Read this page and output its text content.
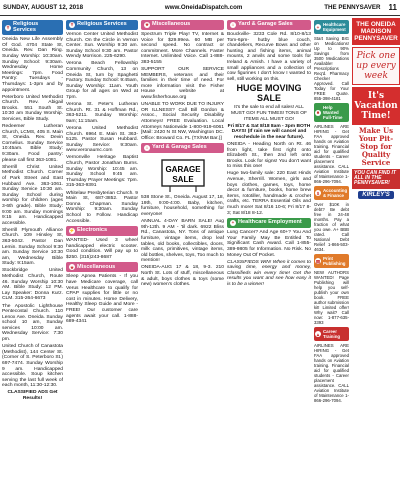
SUNDAY, AUGUST 12, 2018	www.OneidaDispatch.com	THE PENNYSAVER 11
✝
Religious Services

Oneida New Life Assembly Of God. 4704 State St, Oneida. Rev. Dan Ring. Sunday Worship: 10:30am. Sunday School: 9:30am. Wednesday Home Meetings: 7pm. Food Pantry: Tuesdays - Thursdays: 1-3pm and by appointment.

Peterboro United Methodist Church. Rev. Abigail Brooks. 551 South St. 10:30 am Sunday Worship. Services, Bible Study.

Redeemer Lutheran Church, LCMS, 405 S. Main St, Oneida. Rev. Devin Cornelius. Sunday Service 10:45am. Bible Study: 9:30am. Food pantry: please call first 363-1081.

Sherrill Christ United Methodist Church. Corner of Park Street and East Hubbard Ave. 363-1061. Sunday Service 10:30 am. Sunday School during worship for children (ages 3-6th grade). Bible Study: 9:00 am. Sunday mornings 9:15 am. Handicapped accessible.

Sherrill Plymouth Alliance Church. 109 Hinsley St, 363-5042. Pastor Dan Lemin. Sunday School 9:30 am. Sunday Service 10:30 am, Wednesday Bible Study: 9:15am.

Stockbridge United Methodist Church, Route 46. Sunday Worship 10:30 AM. Bible Study: 12 PM. Lay Speaker: Donna Kurz. CLM. 315-264-6673

The Apostolic Lighthouse Pentecostal Church. 110 Lenox Ave. Oneida. Sunday school 10 am, Sunday services 10:00 am. Wednesday Service: 7:30 pm.

United Church of Canastota (Methodist), 144 Center St. (Corner of S. Peterboro St.) 697-7474. Sunday Worship 9 am. Handicapped accessible. Soup kitchen serving the last full week of each month, 11:30-12:30.

CLASSIFIED ADS Get Results!

✝ Religious Services

Vernon Center United Methodist Church. On the Circle in Vernon Center. Sun. Worship 9:30 am. Sunday School 9:30 am. Pastor Wendy Morrison. 225-6290.

Verona Beach Fellowship Community Church, 13 on Oneida St, turn by Spaghetti Factory. Sunday School: 9:45am, Sunday Worship: 11am. Youth Group for all ages on Wed at 7pm.

Verona St. Peter's Lutheran Church. Rt. 31 & Hoffman Rd., 363-5211. Sunday Worship: 9am; 11:15am.

Verona United Methodist Church. 6964 E. Main St. 363-5125. Pastor Susan Hubbard. Sunday Service: 9:30am. www.veronaumc.com

Vernonville Heritage Baptist Church, Pastor Jonathan Burns. Sunday Worship: 10:45 am. Sunday School 9:45 am. Thursday Prayer Meetings: 7pm. 315-363-9391

Whitelaw Presbyterian Church. 9 Main St, 687-3852. Pastor Donna Chapman. Sunday Worship: 9:30am. Sunday School to Follow. Handicap Accessible.

⚡ Electronics

WANTED- Used 3 wheel handicapped electric scooter. Good condition. Will pay up to $250. (315)243-8687

★ Miscellaneous

Sleep Apnea Patients - If you have Medicare coverage, call Verus Healthcare to qualify for CPAP supplies for little or no cost in minutes. Home Delivery, Healthy Sleep Guide and More - FREE! Our customer care agents await your call. 1-888-689-4341

★ Miscellaneous

Spectrum Triple Play! TV, Internet & Voice for $29.99ea. 60 MB per second speed. No contract or commitment. More Channels. Faster Internet. Unlimited Voice. Call 1-888-383-5155

SUPPORT OUR SERVICE MEMBERS, veterans and their families in their time of need. For more information visit the Fisher House website at www.fisherhouse.org

UNABLE TO WORK DUE TO INJURY OR ILLNESS? Call Bill Gordon & Assoc., Social Security Disability Attorneys! FREE Evaluation. Local Attorneys Nationwide 1-800-919-6061 [Mail: 2420 N St NW, Washington DC. Office: Broward Co. FL (TX/NM Bar.)]

⌂ Yard & Garage Sales
GARAGE
SALE

538 Stone St., Oneida. August 17, 18, 19th, 9:00-4:00. Baby, kitchen, furniture, household, something for everyone!

ANNUAL 4-DAY BARN SALE! Aug 9th-12th. 9 AM - 'til dark. 6922 Bliss Rd., Canastota, NY. Tons of antique furniture, vintage items, drop leaf tables, old books, collectibles, doors, milk cans, primitives, vintage items, old bottles, shelves, toys, Too much to mention!

ONEIDA-AUG 17 & 18, 9-3. 210 North St. Lots of stuff, miscellaneous & adult, boys clothes & toys (some new) women's clothes.

⌂ Yard & Garage Sales

Bouckville- 3233 Cole Rd. 8/10-8/13 Tom-6pm- hutby blue couch, chandeliers, Recurve Bows and other hunting and fishing items, animal mounts, 2 anvils and some tools for Ireland & Amish. I have a variety of small appliances and a collection of cow figurines I don't know I wanted to sell, still working on this.

HUGE MOVING SALE

It's the sale to end all sales! ALL MUST GO! FUN TIMES! TONS OF ITEMS ALL MUST GO!

Fri 8/17 & Sat 8/18 8am - 3pm BOTH DAYS! (If rain we will cancel and reschedule in the near future).

ONEIDA - Heading North on Rt. 46 from light, take first right onto Elizabeth St., then 2nd left onto Brooks. Look for signs! You don't want to miss this one!

Huge two-family sale: 220 East Hinds Avenue, Sherrill. Women, girls and boys clothes, games, toys, home decor & furniture, books, home brew items, rototiller, handmade & crochet crafts, etc. TERRA Essential Oils and much more! Sat 8/16 10-6; Fri 8/17 8-3; Sat 8/18 8-12.

+ Healthcare Employment

Lung Cancer? And Age 60+? You And Your Family May Be Entitled To Significant Cash Award. Call 1-855-389-9805 for Information. No Risk. No Money Out Of Pocket.

CLASSIFIEDS WIN! When it comes to saving time, energy and money, Classifieds win every time! Get the results you want and see how easy it is to be a winner!

+ Healthcare Equipment

Start Saving BIG on Medications! Up to 90% Savings from 3500 Medications Available! Prescriptions Req'd. Pharmacy Checker Approved. Call Today for Your FREE Quote. 855-398-4181

■
Help Wanted Full-Time

AIRLINES ARE HIRING - Get FAA approved hands on Aviation training. Financial aid for qualified students - Career placement assistance. CALL Aviation Institute of Maintenance 1-866-296-7094.

$ Accounting & Finance

Over $10K in debt? Be debt free in 24-48 months. Pay a fraction of what you owe. A+ BBB rated. Call National Debt Relief 1-866-503-4634.

▤ Print Publishing

NEW AUTHORS WANTED! Page Publishing will help you self-publish your own book. FREE author submission kit! Limited offer! Why wait? Call now: 1-877-635-3393

▲ Career Training

AIRLINES ARE HIRING - Get FAA approved hands on Aviation training. Financial aid for qualified students - Career placement assistance. CALL Aviation Institute of Maintenance 1-866-296-7094.

THE ONEIDA MADISON PENNYSAVER
Pick one up every week
It's Vacation Time!
Make Us Your Pit-Stop for Quality Service
YOU CAN FIND IT ALL IN THE PENNYSAVER!
KIRLEY'S
